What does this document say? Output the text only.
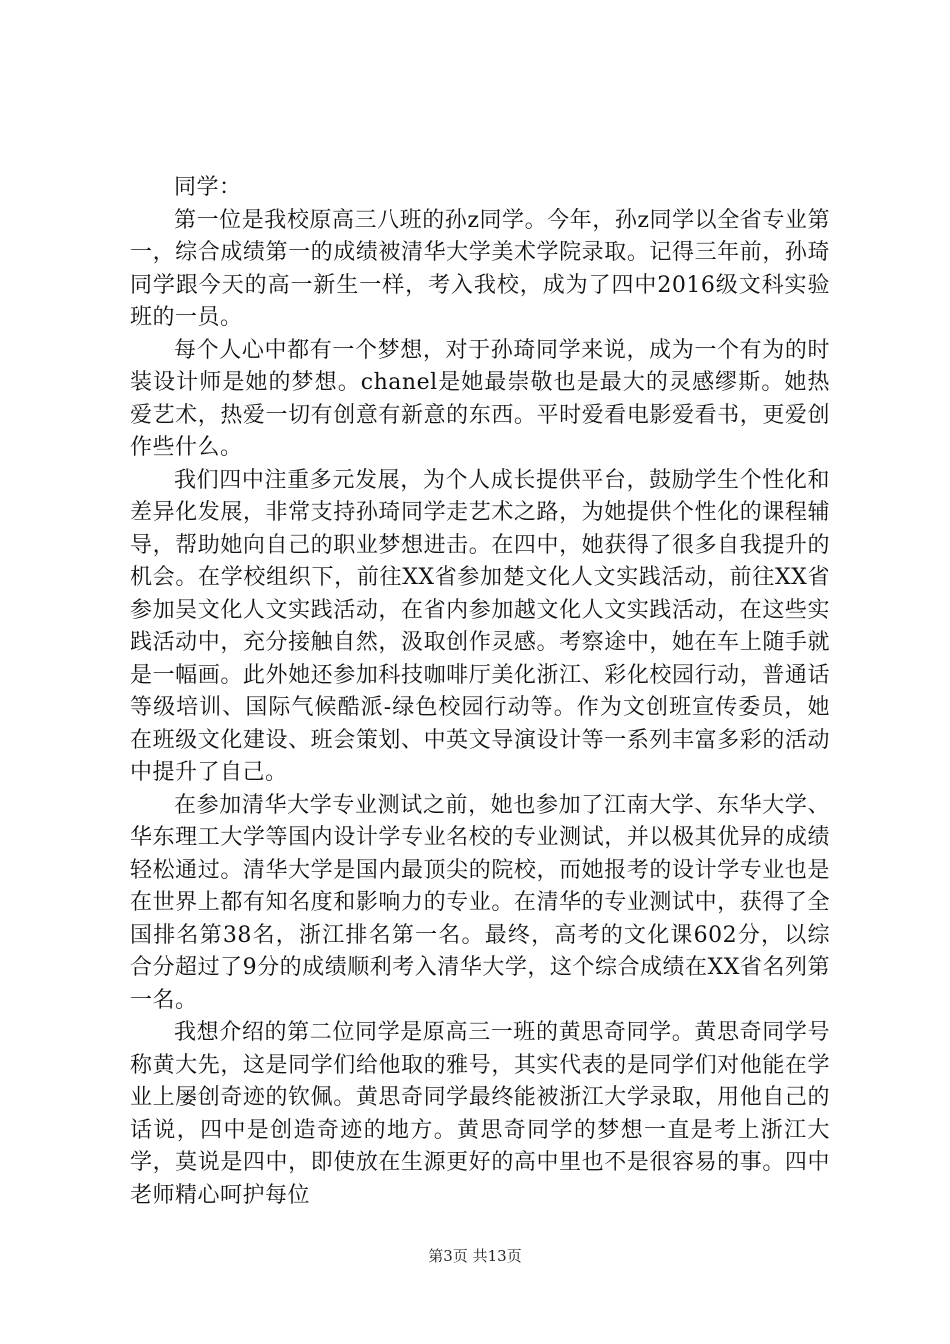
同学：

第一位是我校原高三八班的孙z同学。今年，孙z同学以全省专业第一，综合成绩第一的成绩被清华大学美术学院录取。记得三年前，孙琦同学跟今天的高一新生一样，考入我校，成为了四中2016级文科实验班的一员。

每个人心中都有一个梦想，对于孙琦同学来说，成为一个有为的时装设计师是她的梦想。chanel是她最崇敬也是最大的灵感缪斯。她热爱艺术，热爱一切有创意有新意的东西。平时爱看电影爱看书，更爱创作些什么。

我们四中注重多元发展，为个人成长提供平台，鼓励学生个性化和差异化发展，非常支持孙琦同学走艺术之路，为她提供个性化的课程辅导，帮助她向自己的职业梦想进击。在四中，她获得了很多自我提升的机会。在学校组织下，前往XX省参加楚文化人文实践活动，前往XX省参加吴文化人文实践活动，在省内参加越文化人文实践活动，在这些实践活动中，充分接触自然，汲取创作灵感。考察途中，她在车上随手就是一幅画。此外她还参加科技咖啡厅美化浙江、彩化校园行动，普通话等级培训、国际气候酷派-绿色校园行动等。作为文创班宣传委员，她在班级文化建设、班会策划、中英文导演设计等一系列丰富多彩的活动中提升了自己。

在参加清华大学专业测试之前，她也参加了江南大学、东华大学、华东理工大学等国内设计学专业名校的专业测试，并以极其优异的成绩轻松通过。清华大学是国内最顶尖的院校，而她报考的设计学专业也是在世界上都有知名度和影响力的专业。在清华的专业测试中，获得了全国排名第38名，浙江排名第一名。最终，高考的文化课602分，以综合分超过了9分的成绩顺利考入清华大学，这个综合成绩在XX省名列第一名。

我想介绍的第二位同学是原高三一班的黄思奇同学。黄思奇同学号称黄大先，这是同学们给他取的雅号，其实代表的是同学们对他能在学业上屡创奇迹的钦佩。黄思奇同学最终能被浙江大学录取，用他自己的话说，四中是创造奇迹的地方。黄思奇同学的梦想一直是考上浙江大学，莫说是四中，即使放在生源更好的高中里也不是很容易的事。四中老师精心呵护每位

第3页 共13页
